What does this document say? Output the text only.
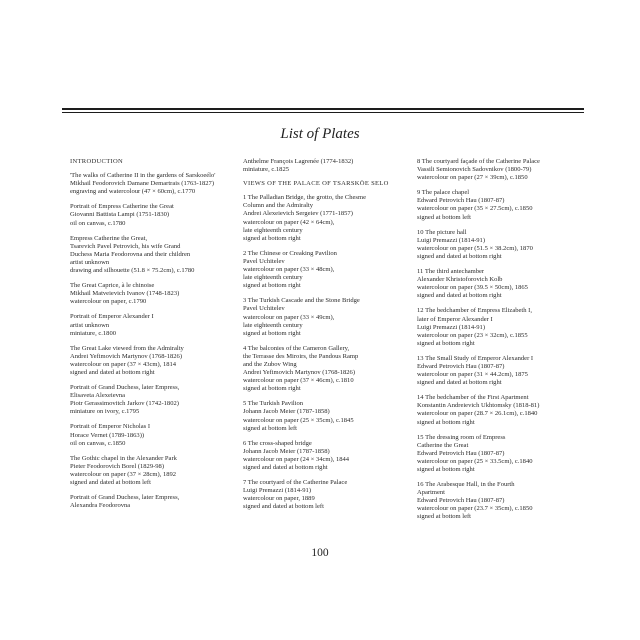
List of Plates
INTRODUCTION
'The walks of Catherine II in the gardens of Sarskoeélo'
Mikhail Feodorovich Damane Demartrais (1763-1827)
engraving and watercolour (47 × 60cm), c.1770
Portrait of Empress Catherine the Great
Giovanni Battista Lampi (1751-1830)
oil on canvas, c.1780
Empress Catherine the Great,
Tsarevich Pavel Petrovich, his wife Grand
Duchess Maria Feodorovna and their children
artist unknown
drawing and silhouette (51.8 × 75.2cm), c.1780
The Great Caprice, à le chinoise
Mikhail Matveievich Ivanov (1748-1823)
watercolour on paper, c.1790
Portrait of Emperor Alexander I
artist unknown
miniature, c.1800
The Great Lake viewed from the Admiralty
Andrei Yefimovich Martynov (1768-1826)
watercolour on paper (37 × 43cm), 1814
signed and dated at bottom right
Portrait of Grand Duchess, later Empress,
Elisaveta Alexeievna
Piotr Gerassimovitch Jarkov (1742-1802)
miniature on ivory, c.1795
Portrait of Emperor Nicholas I
Horace Vernet (1789-1863))
oil on canvas, c.1850
The Gothic chapel in the Alexander Park
Pieter Feodorovich Borel (1829-98)
watercolour on paper (37 × 28cm), 1892
signed and dated at bottom left
Portrait of Grand Duchess, later Empress,
Alexandra Feodorovna
Anthelme François Lagrenée (1774-1832)
miniature, c.1825
VIEWS OF THE PALACE OF TSARSKÖE SELO
1 The Palladian Bridge, the grotto, the Chesme
Column and the Admiralty
Andrei Alexeievich Sergeiev (1771-1857)
watercolour on paper (42 × 64cm),
late eighteenth century
signed at bottom right
2 The Chinese or Creaking Pavilion
Pavel Uchitelev
watercolour on paper (33 × 48cm),
late eighteenth century
signed at bottom right
3 The Turkish Cascade and the Stone Bridge
Pavel Uchitelev
watercolour on paper (33 × 49cm),
late eighteenth century
signed at bottom right
4 The balconies of the Cameron Gallery,
the Terrasse des Miroirs, the Pandous Ramp
and the Zubov Wing
Andrei Yefimovich Martynov (1768-1826)
watercolour on paper (37 × 46cm), c.1810
signed at bottom right
5 The Turkish Pavilion
Johann Jacob Meier (1787-1858)
watercolour on paper (25 × 35cm), c.1845
signed at bottom left
6 The cross-shaped bridge
Johann Jacob Meier (1787-1858)
watercolour on paper (24 × 34cm), 1844
signed and dated at bottom right
7 The courtyard of the Catherine Palace
Luigi Premazzi (1814-91)
watercolour on paper, 1889
signed and dated at bottom left
8 The courtyard façade of the Catherine Palace
Vassili Semionovich Sadovnikov (1800-79)
watercolour on paper (27 × 39cm), c.1850
9 The palace chapel
Edward Petrovich Hau (1807-87)
watercolour on paper (35 × 27.5cm), c.1850
signed at bottom left
10 The picture hall
Luigi Premazzi (1814-91)
watercolour on paper (51.5 × 38.2cm), 1870
signed and dated at bottom right
11 The third antechamber
Alexander Khristoforovich Kolb
watercolour on paper (39.5 × 50cm), 1865
signed and dated at bottom right
12 The bedchamber of Empress Elizabeth I,
later of Emperor Alexander I
Luigi Premazzi (1814-91)
watercolour on paper (23 × 32cm), c.1855
signed at bottom right
13 The Small Study of Emperor Alexander I
Edward Petrovich Hau (1807-87)
watercolour on paper (31 × 44.2cm), 1875
signed and dated at bottom right
14 The bedchamber of the First Apartment
Konstantin Andreievich Ukhtomsky (1818-81)
watercolour on paper (28.7 × 26.1cm), c.1840
signed at bottom right
15 The dressing room of Empress
Catherine the Great
Edward Petrovich Hau (1807-87)
watercolour on paper (25 × 33.5cm), c.1840
signed at bottom right
16 The Arabesque Hall, in the Fourth
Apartment
Edward Petrovich Hau (1807-87)
watercolour on paper (23.7 × 35cm), c.1850
signed at bottom left
100
